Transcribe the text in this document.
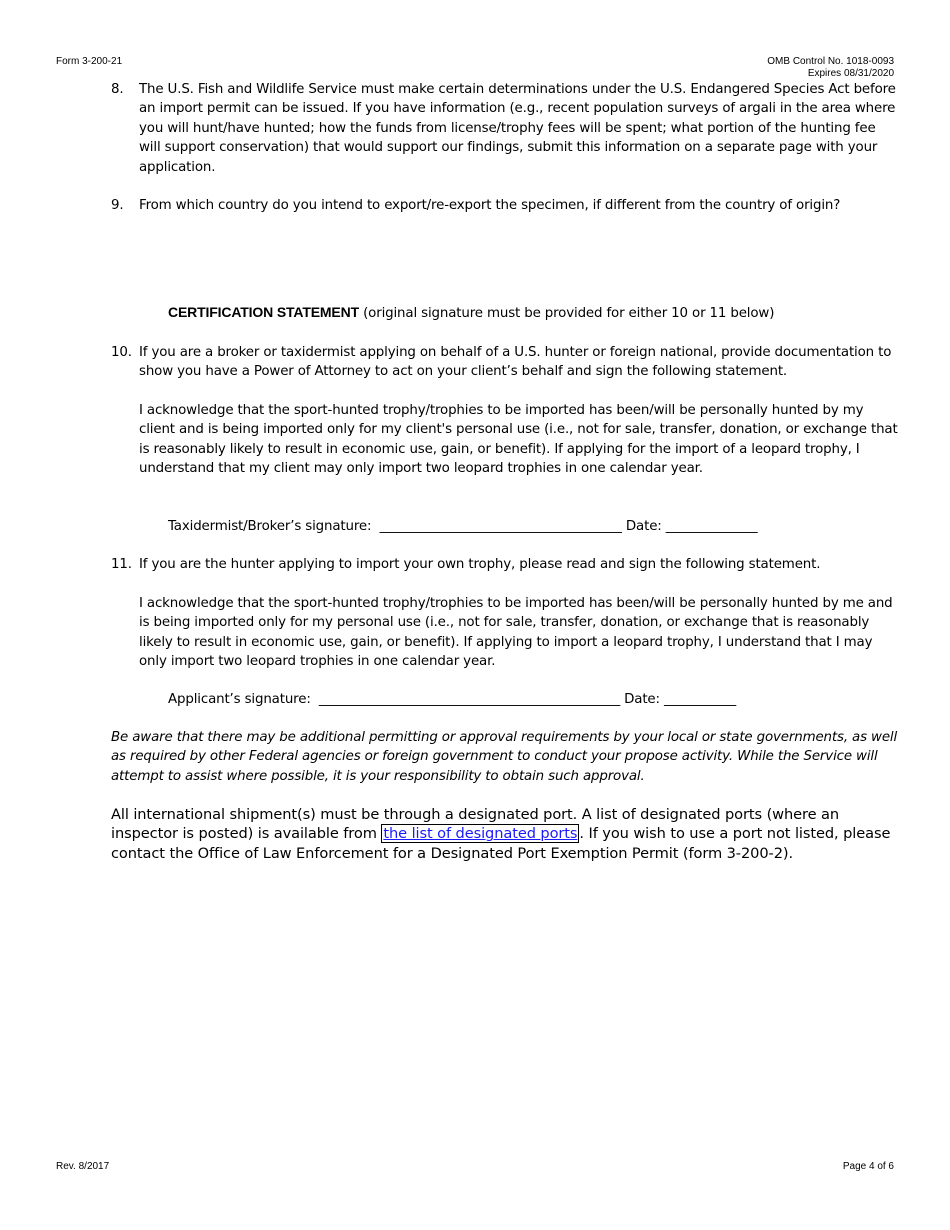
Form 3-200-21	OMB Control No. 1018-0093
Expires 08/31/2020
8. The U.S. Fish and Wildlife Service must make certain determinations under the U.S. Endangered Species Act before an import permit can be issued. If you have information (e.g., recent population surveys of argali in the area where you will hunt/have hunted; how the funds from license/trophy fees will be spent; what portion of the hunting fee will support conservation) that would support our findings, submit this information on a separate page with your application.

9. From which country do you intend to export/re-export the specimen, if different from the country of origin?

CERTIFICATION STATEMENT (original signature must be provided for either 10 or 11 below)
10. If you are a broker or taxidermist applying on behalf of a U.S. hunter or foreign national, provide documentation to show you have a Power of Attorney to act on your client’s behalf and sign the following statement.

I acknowledge that the sport-hunted trophy/trophies to be imported has been/will be personally hunted by my client and is being imported only for my client's personal use (i.e., not for sale, transfer, donation, or exchange that is reasonably likely to result in economic use, gain, or benefit). If applying for the import of a leopard trophy, I understand that my client may only import two leopard trophies in one calendar year.

Taxidermist/Broker’s signature: _____________________________________ Date: ______________
11. If you are the hunter applying to import your own trophy, please read and sign the following statement.

I acknowledge that the sport-hunted trophy/trophies to be imported has been/will be personally hunted by me and is being imported only for my personal use (i.e., not for sale, transfer, donation, or exchange that is reasonably likely to result in economic use, gain, or benefit). If applying to import a leopard trophy, I understand that I may only import two leopard trophies in one calendar year.

Applicant’s signature: ______________________________________________ Date: ___________
Be aware that there may be additional permitting or approval requirements by your local or state governments, as well as required by other Federal agencies or foreign government to conduct your propose activity. While the Service will attempt to assist where possible, it is your responsibility to obtain such approval.
All international shipment(s) must be through a designated port. A list of designated ports (where an inspector is posted) is available from the list of designated ports . If you wish to use a port not listed, please contact the Office of Law Enforcement for a Designated Port Exemption Permit (form 3-200-2).
Rev. 8/2017	Page 4 of 6
